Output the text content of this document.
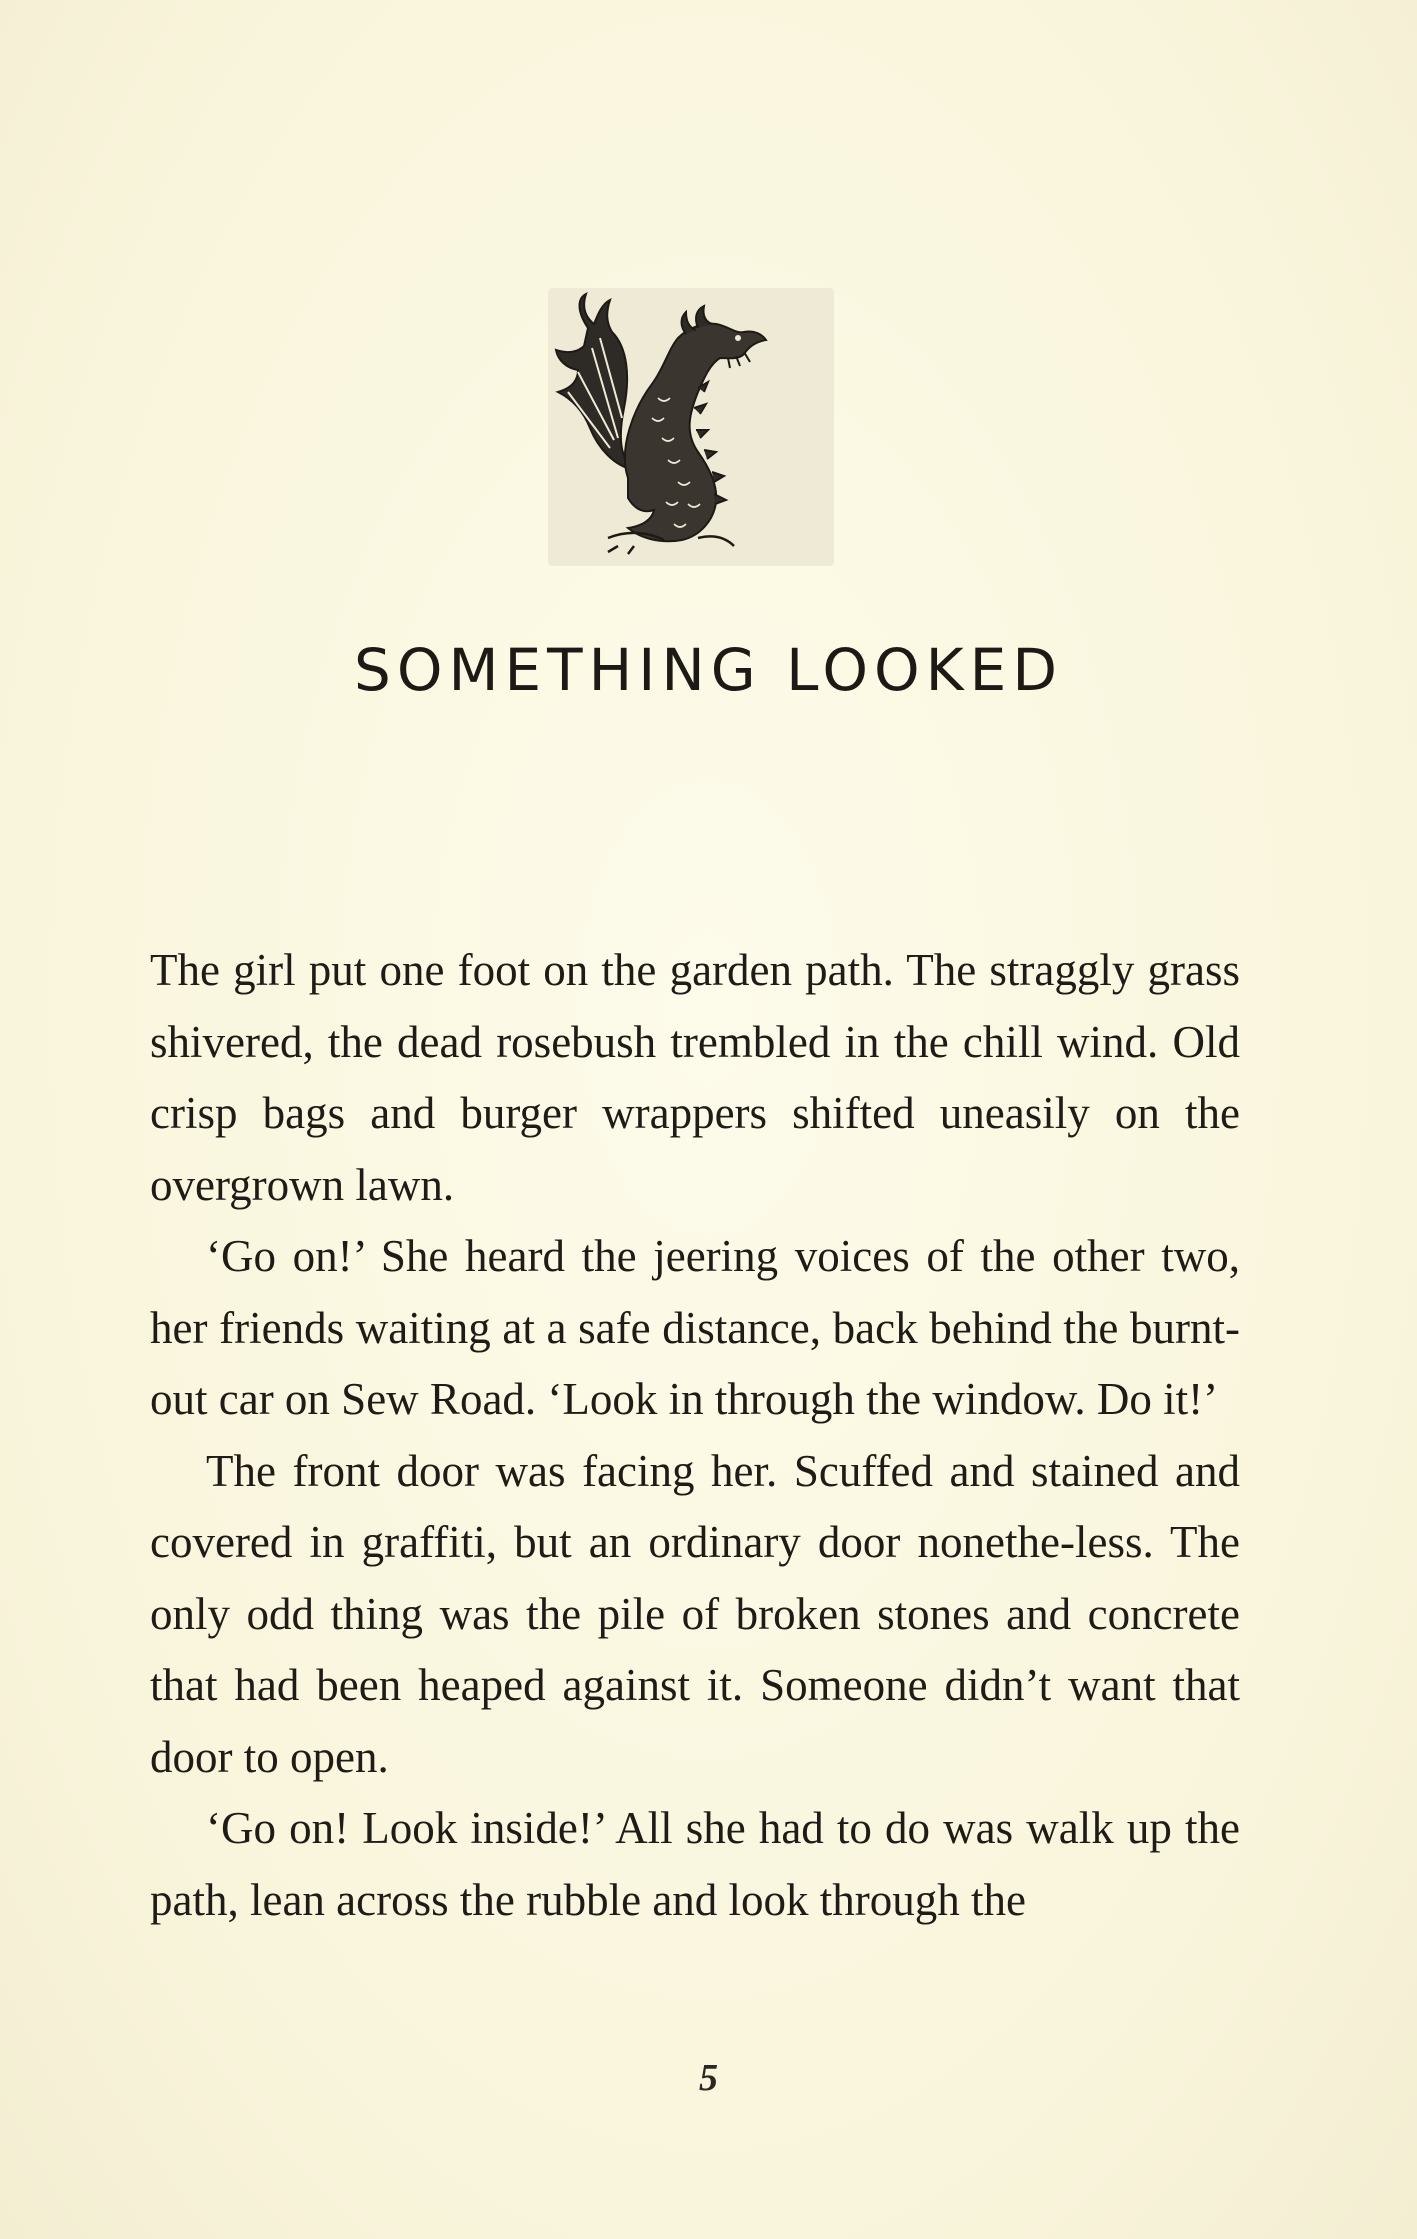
SOMETHING LOOKED

The girl put one foot on the garden path. The straggly grass shivered, the dead rosebush trembled in the chill wind. Old crisp bags and burger wrappers shifted uneasily on the overgrown lawn.

‘Go on!’ She heard the jeering voices of the other two, her friends waiting at a safe distance, back behind the burnt-out car on Sew Road. ‘Look in through the window. Do it!’

The front door was facing her. Scuffed and stained and covered in graffiti, but an ordinary door nonethe-less. The only odd thing was the pile of broken stones and concrete that had been heaped against it. Someone didn’t want that door to open.

‘Go on! Look inside!’ All she had to do was walk up the path, lean across the rubble and look through the

5
